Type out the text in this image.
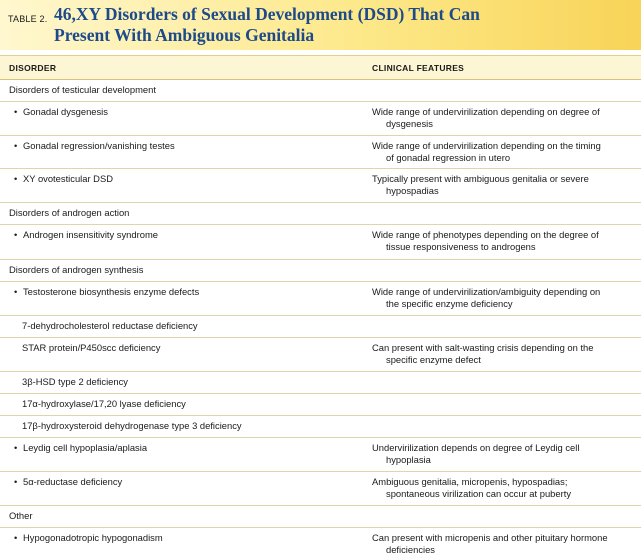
TABLE 2. 46,XY Disorders of Sexual Development (DSD) That Can
Present With Ambiguous Genitalia
DISORDER	CLINICAL FEATURES
Disorders of testicular development
• Gonadal dysgenesis	Wide range of undervirilization depending on degree of
dysgenesis
• Gonadal regression/vanishing testes	Wide range of undervirilization depending on the timing
of gonadal regression in utero
• XY ovotesticular DSD	Typically present with ambiguous genitalia or severe
hypospadias
Disorders of androgen action
• Androgen insensitivity syndrome	Wide range of phenotypes depending on the degree of
tissue responsiveness to androgens
Disorders of androgen synthesis
• Testosterone biosynthesis enzyme defects	Wide range of undervirilization/ambiguity depending on
the specific enzyme deficiency
7-dehydrocholesterol reductase deficiency
STAR protein/P450scc deficiency	Can present with salt-wasting crisis depending on the
specific enzyme defect
3β-HSD type 2 deficiency
17α-hydroxylase/17,20 lyase deficiency
17β-hydroxysteroid dehydrogenase type 3 deficiency
• Leydig cell hypoplasia/aplasia	Undervirilization depends on degree of Leydig cell
hypoplasia
• 5α-reductase deficiency	Ambiguous genitalia, micropenis, hypospadias;
spontaneous virilization can occur at puberty
Other
• Hypogonadotropic hypogonadism	Can present with micropenis and other pituitary hormone
deficiencies
